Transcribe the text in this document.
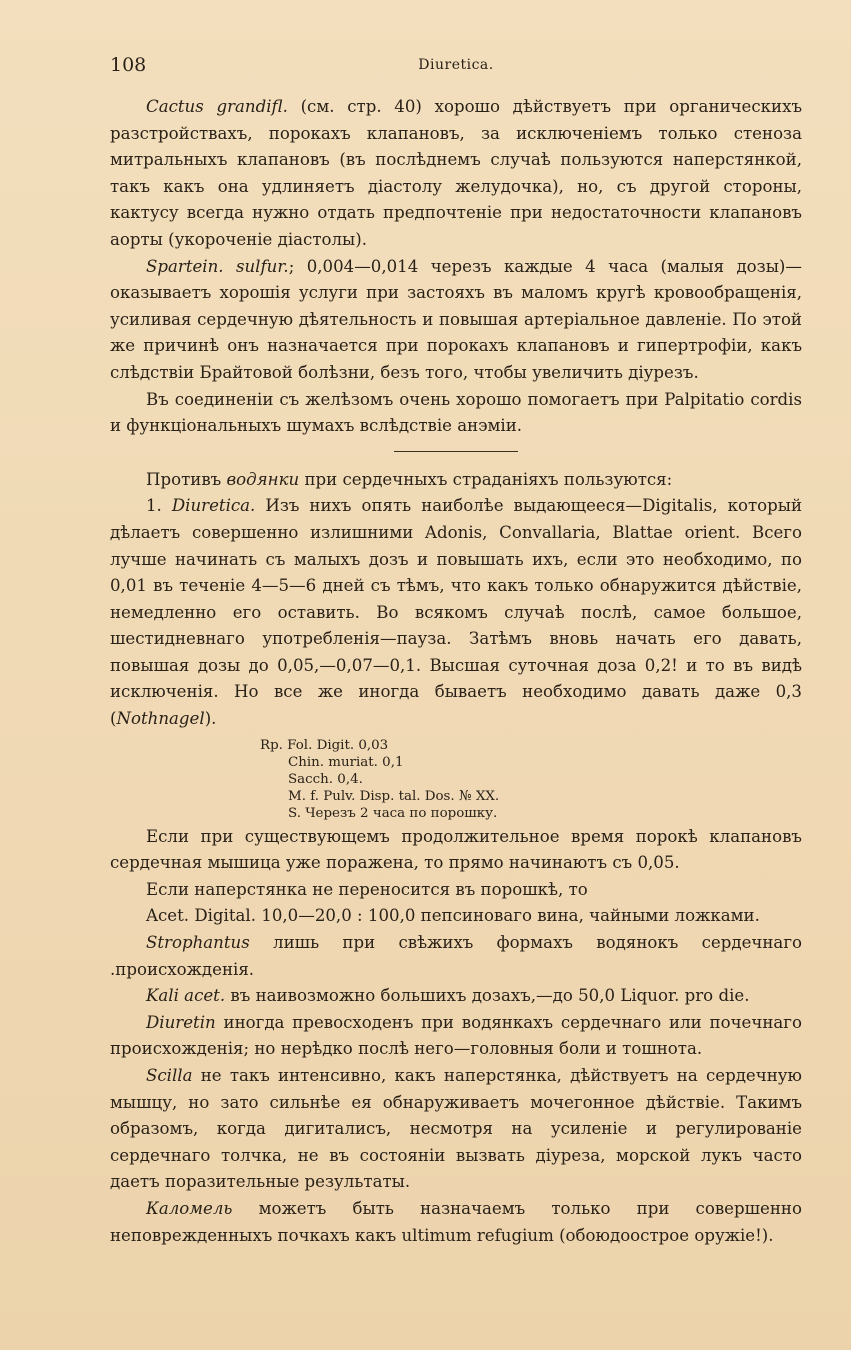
108	Diuretica.

Cactus grandifl. (см. стр. 40) хорошо дѣйствуетъ при органическихъ разстройствахъ, порокахъ клапановъ, за исключеніемъ только стеноза митральныхъ клапановъ (въ послѣднемъ случаѣ пользуются наперстянкой, такъ какъ она удлиняетъ діастолу желудочка), но, съ другой стороны, кактусу всегда нужно отдать предпочтеніе при недостаточности клапановъ аорты (укороченіе діастолы).

Spartein. sulfur.; 0,004—0,014 черезъ каждые 4 часа (малыя дозы)— оказываетъ хорошія услуги при застояхъ въ маломъ кругѣ кровообращенія, усиливая сердечную дѣятельность и повышая артеріальное давленіе. По этой же причинѣ онъ назначается при порокахъ клапановъ и гипертрофіи, какъ слѣдствіи Брайтовой болѣзни, безъ того, чтобы увеличить діурезъ.

Въ соединеніи съ желѣзомъ очень хорошо помогаетъ при Palpitatio cordis и функціональныхъ шумахъ вслѣдствіе анэміи.

Противъ водянки при сердечныхъ страданіяхъ пользуются:

1. Diuretica. Изъ нихъ опять наиболѣе выдающееся—Digitalis, который дѣлаетъ совершенно излишними Adonis, Convallaria, Blattae orient. Всего лучше начинать съ малыхъ дозъ и повышать ихъ, если это необходимо, по 0,01 въ теченіе 4—5—6 дней съ тѣмъ, что какъ только обнаружится дѣйствіе, немедленно его оставить. Во всякомъ случаѣ послѣ, самое большое, шестидневнаго употребленія—пауза. Затѣмъ вновь начать его давать, повышая дозы до 0,05,—0,07—0,1. Высшая суточная доза 0,2! и то въ видѣ исключенія. Но все же иногда бываетъ необходимо давать даже 0,3 (Nothnagel).

Rp. Fol. Digit. 0,03
Chin. muriat. 0,1
Sacch. 0,4.
M. f. Pulv. Disp. tal. Dos. № XX.
S. Черезъ 2 часа по порошку.

Если при существующемъ продолжительное время порокѣ клапановъ сердечная мышица уже поражена, то прямо начинаютъ съ 0,05.

Если наперстянка не переносится въ порошкѣ, то

Acet. Digital. 10,0—20,0 : 100,0 пепсиноваго вина, чайными ложками.

Strophantus лишь при свѣжихъ формахъ водянокъ сердечнаго .происхожденія.

Kali acet. въ наивозможно большихъ дозахъ,—до 50,0 Liquor. pro die.

Diuretin иногда превосходенъ при водянкахъ сердечнаго или почечнаго происхожденія; но нерѣдко послѣ него—головныя боли и тошнота.

Scilla не такъ интенсивно, какъ наперстянка, дѣйствуетъ на сердечную мышцу, но зато сильнѣе ея обнаруживаетъ мочегонное дѣйствіе. Такимъ образомъ, когда дигиталисъ, несмотря на усиленіе и регулированіе сердечнаго толчка, не въ состояніи вызвать діуреза, морской лукъ часто даетъ поразительные результаты.

Каломель можетъ быть назначаемъ только при совершенно неповрежденныхъ почкахъ какъ ultimum refugium (обоюдоострое оружіе!).
